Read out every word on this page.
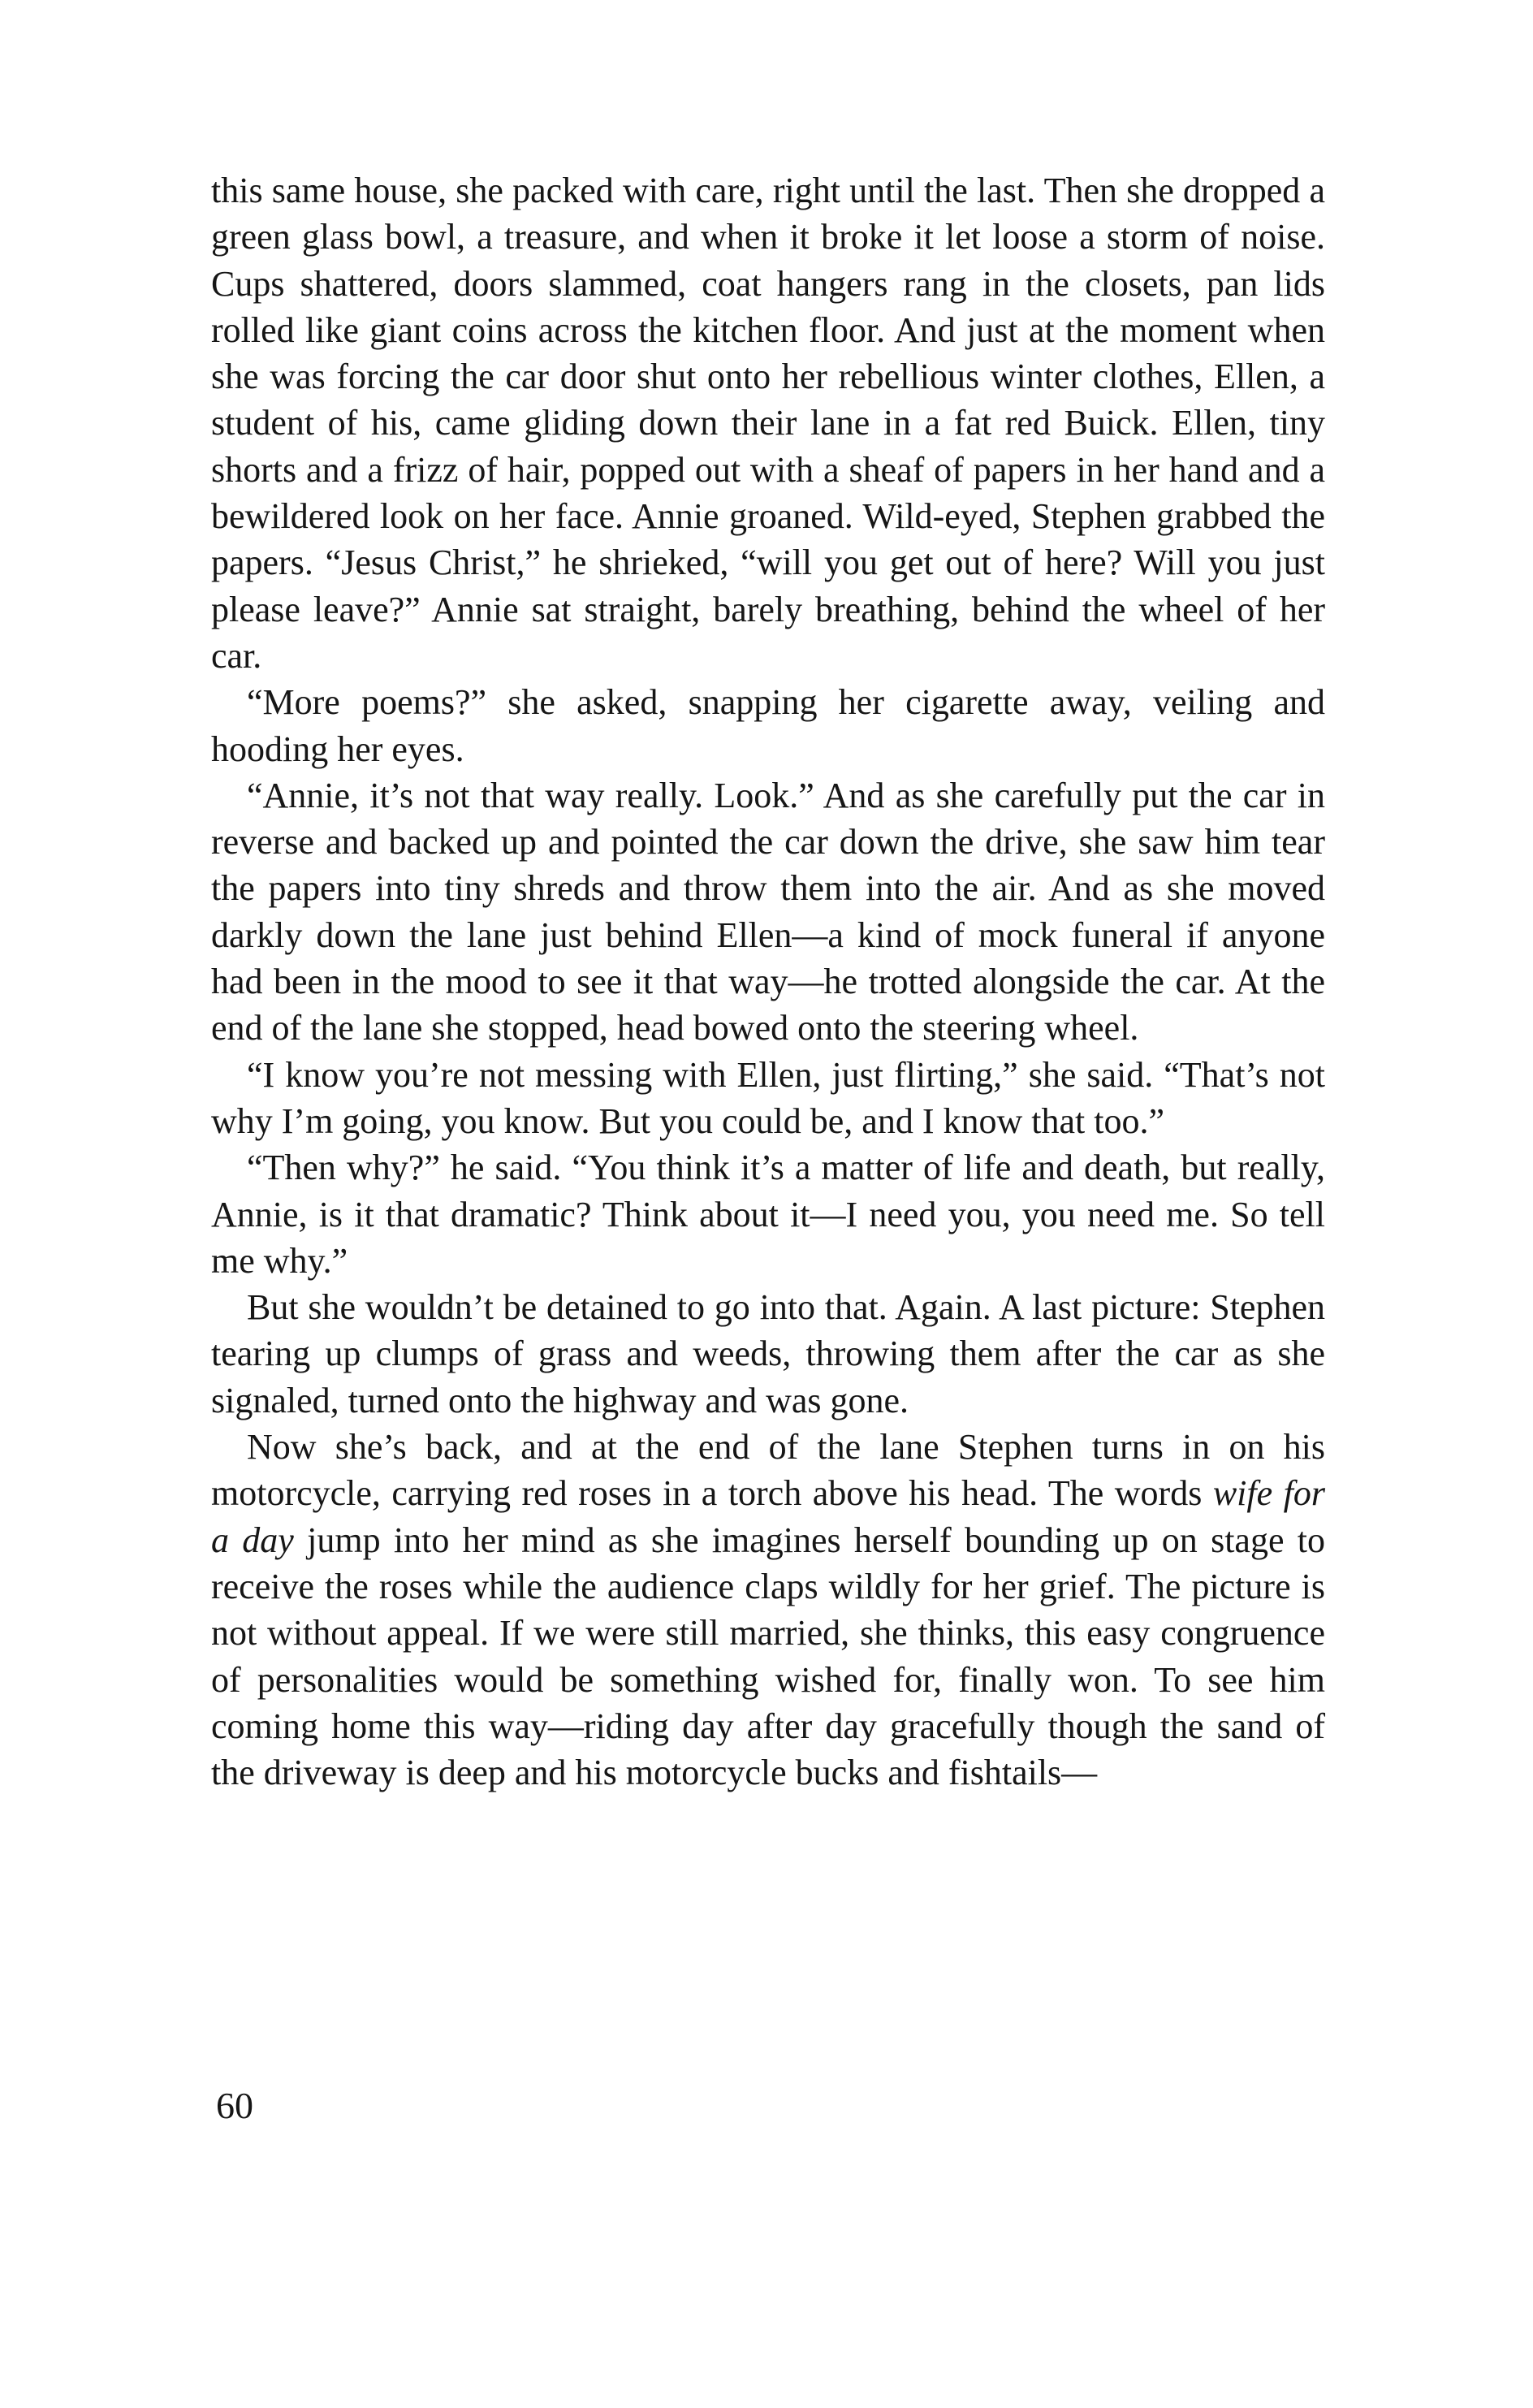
this same house, she packed with care, right until the last. Then she dropped a green glass bowl, a treasure, and when it broke it let loose a storm of noise. Cups shattered, doors slammed, coat hangers rang in the closets, pan lids rolled like giant coins across the kitchen floor. And just at the moment when she was forcing the car door shut onto her rebellious winter clothes, Ellen, a student of his, came gliding down their lane in a fat red Buick. Ellen, tiny shorts and a frizz of hair, popped out with a sheaf of papers in her hand and a bewildered look on her face. Annie groaned. Wild-eyed, Stephen grabbed the papers. “Jesus Christ,” he shrieked, “will you get out of here? Will you just please leave?” Annie sat straight, barely breathing, behind the wheel of her car.

“More poems?” she asked, snapping her cigarette away, veiling and hooding her eyes.

“Annie, it’s not that way really. Look.” And as she carefully put the car in reverse and backed up and pointed the car down the drive, she saw him tear the papers into tiny shreds and throw them into the air. And as she moved darkly down the lane just behind Ellen—a kind of mock funeral if anyone had been in the mood to see it that way—he trotted alongside the car. At the end of the lane she stopped, head bowed onto the steering wheel.

“I know you’re not messing with Ellen, just flirting,” she said. “That’s not why I’m going, you know. But you could be, and I know that too.”

“Then why?” he said. “You think it’s a matter of life and death, but really, Annie, is it that dramatic? Think about it—I need you, you need me. So tell me why.”

But she wouldn’t be detained to go into that. Again. A last picture: Stephen tearing up clumps of grass and weeds, throwing them after the car as she signaled, turned onto the highway and was gone.

Now she’s back, and at the end of the lane Stephen turns in on his motorcycle, carrying red roses in a torch above his head. The words wife for a day jump into her mind as she imagines herself bounding up on stage to receive the roses while the audience claps wildly for her grief. The picture is not without appeal. If we were still married, she thinks, this easy congruence of personalities would be something wished for, finally won. To see him coming home this way—riding day after day gracefully though the sand of the driveway is deep and his motorcycle bucks and fishtails—

60
